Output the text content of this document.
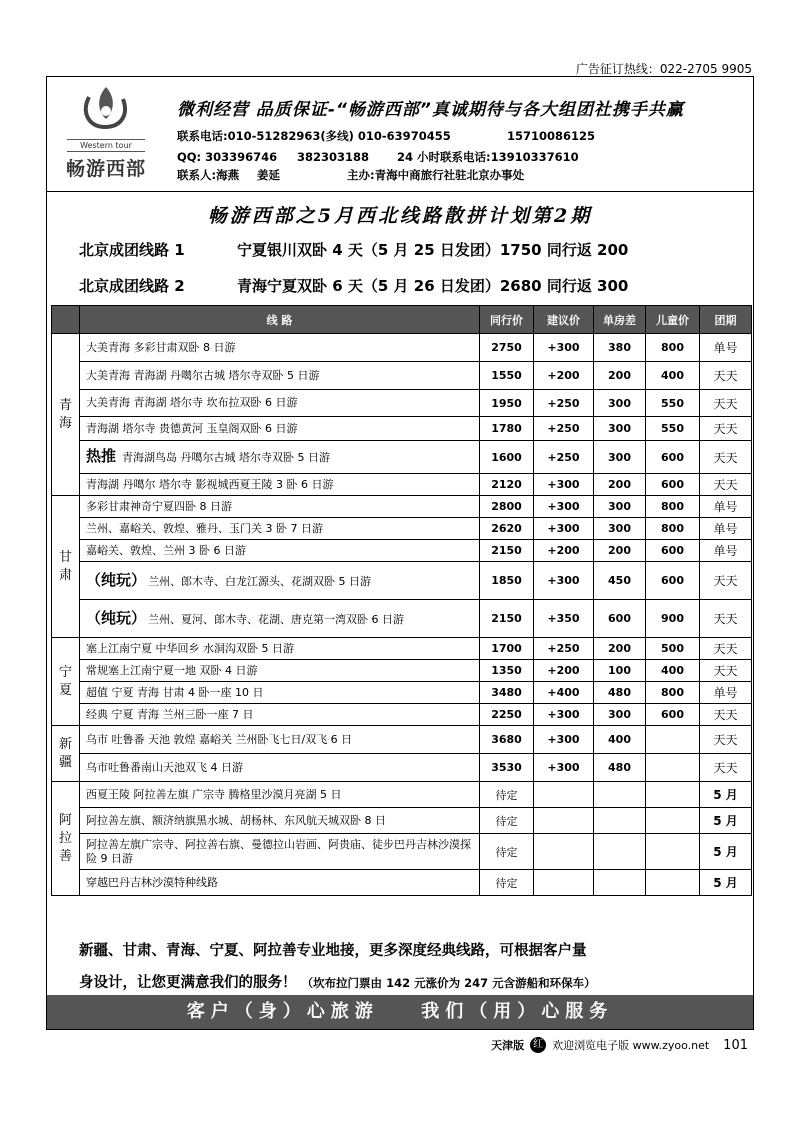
广告征订热线：022-2705 9905
Western tour
畅游西部
微利经营 品质保证-“畅游西部”真诚期待与各大组团社携手共赢
联系电话:010-51282963(多线) 010-63970455	15710086125
QQ: 303396746 382303188 24 小时联系电话:13910337610
联系人:海燕 姜延	主办:青海中商旅行社驻北京办事处
畅游西部之5月西北线路散拼计划第2期
北京成团线路 1	宁夏银川双卧 4 天（5 月 25 日发团）1750 同行返 200
北京成团线路 2	青海宁夏双卧 6 天（5 月 26 日发团）2680 同行返 300
	线 路	同行价	建议价	单房差	儿童价	团期
青
海	大美青海 多彩甘肃双卧 8 日游	2750	+300	380	800	单号
	大美青海 青海湖 丹噶尔古城 塔尔寺双卧 5 日游	1550	+200	200	400	天天
	大美青海 青海湖 塔尔寺 坎布拉双卧 6 日游	1950	+250	300	550	天天
	青海湖 塔尔寺 贵德黄河 玉皇阁双卧 6 日游	1780	+250	300	550	天天
	热推 青海湖鸟岛 丹噶尔古城 塔尔寺双卧 5 日游	1600	+250	300	600	天天
	青海湖 丹噶尔 塔尔寺 影视城西夏王陵 3 卧 6 日游	2120	+300	200	600	天天
甘
肃	多彩甘肃神奇宁夏四卧 8 日游	2800	+300	300	800	单号
	兰州、嘉峪关、敦煌、雅丹、玉门关 3 卧 7 日游	2620	+300	300	800	单号
	嘉峪关、敦煌、兰州 3 卧 6 日游	2150	+200	200	600	单号
	（纯玩） 兰州、郎木寺、白龙江源头、花湖双卧 5 日游	1850	+300	450	600	天天
	（纯玩） 兰州、夏河、郎木寺、花湖、唐克第一湾双卧 6 日游	2150	+350	600	900	天天
宁
夏	塞上江南宁夏 中华回乡 水洞沟双卧 5 日游	1700	+250	200	500	天天
	常规塞上江南宁夏一地 双卧 4 日游	1350	+200	100	400	天天
	超值 宁夏 青海 甘肃 4 卧一座 10 日	3480	+400	480	800	单号
	经典 宁夏 青海 兰州三卧一座 7 日	2250	+300	300	600	天天
新
疆	乌市 吐鲁番 天池 敦煌 嘉峪关 兰州卧飞七日/双飞 6 日	3680	+300	400		天天
	乌市吐鲁番南山天池双飞 4 日游	3530	+300	480		天天
阿
拉
善	西夏王陵 阿拉善左旗 广宗寺 腾格里沙漠月亮湖 5 日	待定				5 月
	阿拉善左旗、额济纳旗黑水城、胡杨林、东风航天城双卧 8 日	待定				5 月
	阿拉善左旗广宗寺、阿拉善右旗、曼德拉山岩画、阿贵庙、徒步巴丹吉林沙漠探险 9 日游	待定				5 月
	穿越巴丹吉林沙漠特种线路	待定				5 月
新疆、甘肃、青海、宁夏、阿拉善专业地接，更多深度经典线路，可根据客户量
身设计，让您更满意我们的服务！ （坎布拉门票由 142 元涨价为 247 元含游船和环保车）
客户（身）心旅游 我们（用）心服务
天津版 红 欢迎浏览电子版 www.zyoo.net 101
